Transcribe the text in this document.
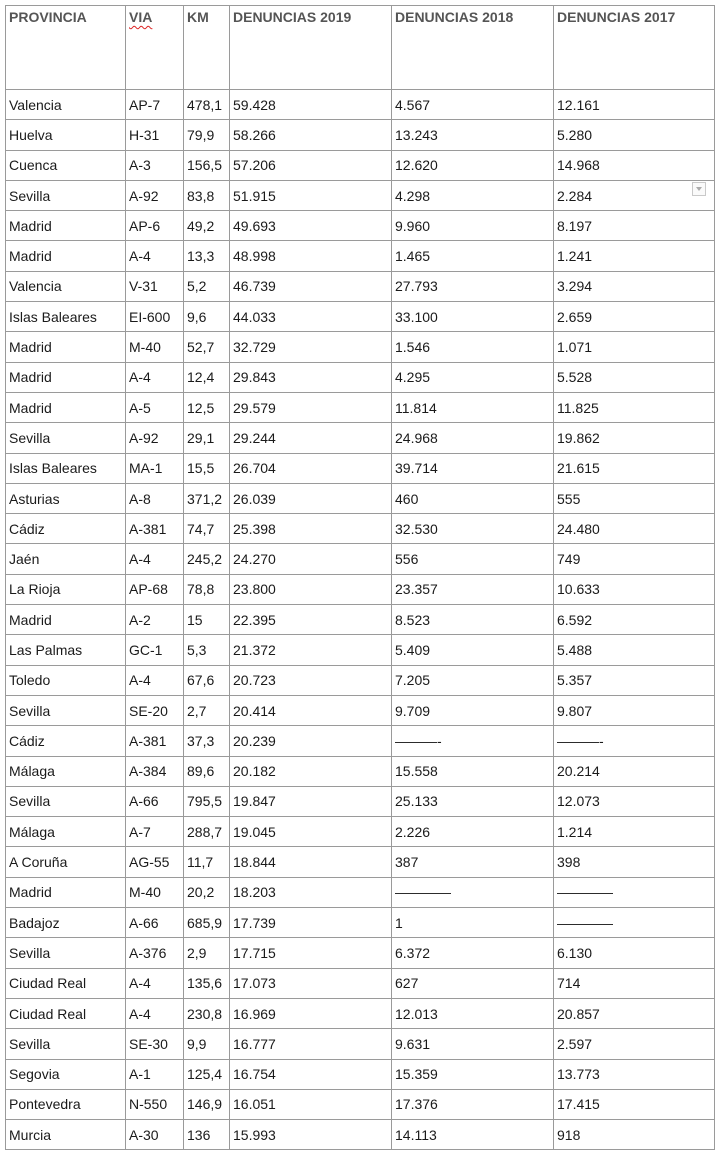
PROVINCIA	VIA	KM	DENUNCIAS 2019	DENUNCIAS 2018	DENUNCIAS 2017
Valencia	AP-7	478,1	59.428	4.567	12.161
Huelva	H-31	79,9	58.266	13.243	5.280
Cuenca	A-3	156,5	57.206	12.620	14.968
Sevilla	A-92	83,8	51.915	4.298	2.284
Madrid	AP-6	49,2	49.693	9.960	8.197
Madrid	A-4	13,3	48.998	1.465	1.241
Valencia	V-31	5,2	46.739	27.793	3.294
Islas Baleares	EI-600	9,6	44.033	33.100	2.659
Madrid	M-40	52,7	32.729	1.546	1.071
Madrid	A-4	12,4	29.843	4.295	5.528
Madrid	A-5	12,5	29.579	11.814	11.825
Sevilla	A-92	29,1	29.244	24.968	19.862
Islas Baleares	MA-1	15,5	26.704	39.714	21.615
Asturias	A-8	371,2	26.039	460	555
Cádiz	A-381	74,7	25.398	32.530	24.480
Jaén	A-4	245,2	24.270	556	749
La Rioja	AP-68	78,8	23.800	23.357	10.633
Madrid	A-2	15	22.395	8.523	6.592
Las Palmas	GC-1	5,3	21.372	5.409	5.488
Toledo	A-4	67,6	20.723	7.205	5.357
Sevilla	SE-20	2,7	20.414	9.709	9.807
Cádiz	A-381	37,3	20.239	———-	———-
Málaga	A-384	89,6	20.182	15.558	20.214
Sevilla	A-66	795,5	19.847	25.133	12.073
Málaga	A-7	288,7	19.045	2.226	1.214
A Coruña	AG-55	11,7	18.844	387	398
Madrid	M-40	20,2	18.203	————	————
Badajoz	A-66	685,9	17.739	1	————
Sevilla	A-376	2,9	17.715	6.372	6.130
Ciudad Real	A-4	135,6	17.073	627	714
Ciudad Real	A-4	230,8	16.969	12.013	20.857
Sevilla	SE-30	9,9	16.777	9.631	2.597
Segovia	A-1	125,4	16.754	15.359	13.773
Pontevedra	N-550	146,9	16.051	17.376	17.415
Murcia	A-30	136	15.993	14.113	918
